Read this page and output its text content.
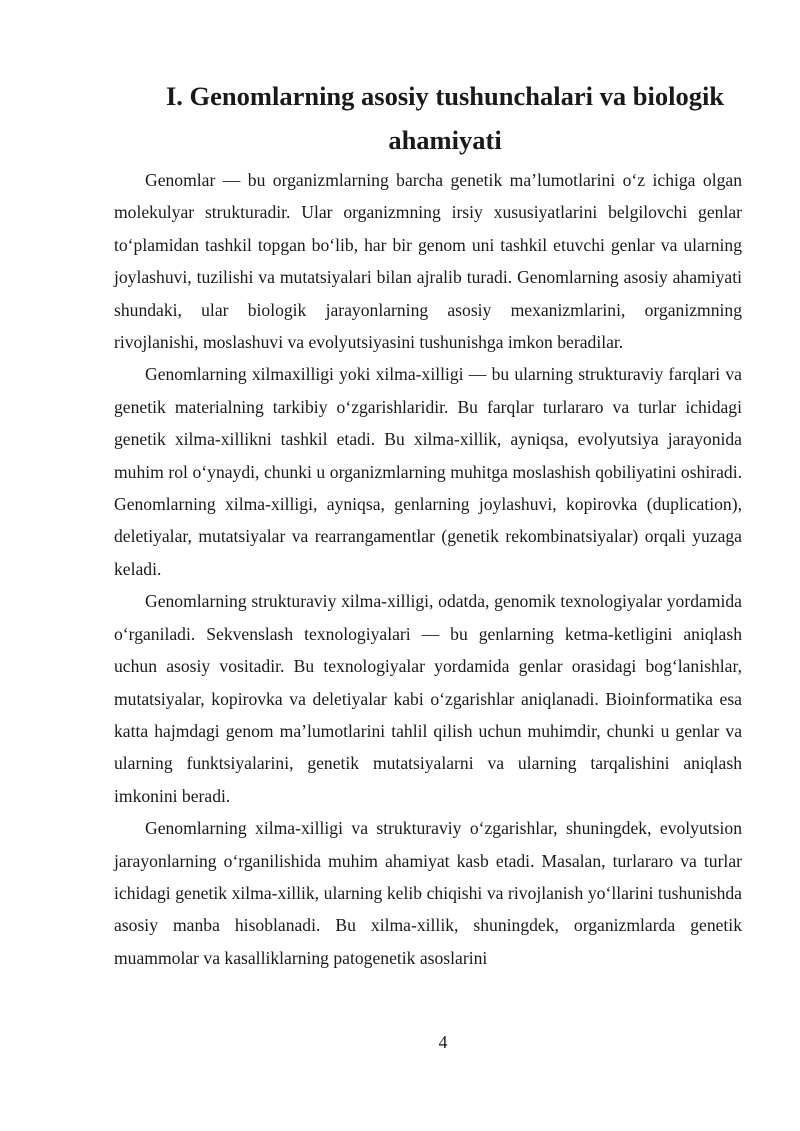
I. Genomlarning asosiy tushunchalari va biologik ahamiyati

Genomlar — bu organizmlarning barcha genetik maʼlumotlarini oʻz ichiga olgan molekulyar strukturadir. Ular organizmning irsiy xususiyatlarini belgilovchi genlar toʻplamidan tashkil topgan boʻlib, har bir genom uni tashkil etuvchi genlar va ularning joylashuvi, tuzilishi va mutatsiyalari bilan ajralib turadi. Genomlarning asosiy ahamiyati shundaki, ular biologik jarayonlarning asosiy mexanizmlarini, organizmning rivojlanishi, moslashuvi va evolyutsiyasini tushunishga imkon beradilar.

Genomlarning xilmaxilligi yoki xilma-xilligi — bu ularning strukturaviy farqlari va genetik materialning tarkibiy oʻzgarishlaridir. Bu farqlar turlararo va turlar ichidagi genetik xilma-xillikni tashkil etadi. Bu xilma-xillik, ayniqsa, evolyutsiya jarayonida muhim rol oʻynaydi, chunki u organizmlarning muhitga moslashish qobiliyatini oshiradi. Genomlarning xilma-xilligi, ayniqsa, genlarning joylashuvi, kopirovka (duplication), deletiyalar, mutatsiyalar va rearrangamentlar (genetik rekombinatsiyalar) orqali yuzaga keladi.

Genomlarning strukturaviy xilma-xilligi, odatda, genomik texnologiyalar yordamida oʻrganiladi. Sekvenslash texnologiyalari — bu genlarning ketma-ketligini aniqlash uchun asosiy vositadir. Bu texnologiyalar yordamida genlar orasidagi bogʻlanishlar, mutatsiyalar, kopirovka va deletiyalar kabi oʻzgarishlar aniqlanadi. Bioinformatika esa katta hajmdagi genom maʼlumotlarini tahlil qilish uchun muhimdir, chunki u genlar va ularning funktsiyalarini, genetik mutatsiyalarni va ularning tarqalishini aniqlash imkonini beradi.

Genomlarning xilma-xilligi va strukturaviy oʻzgarishlar, shuningdek, evolyutsion jarayonlarning oʻrganilishida muhim ahamiyat kasb etadi. Masalan, turlararo va turlar ichidagi genetik xilma-xillik, ularning kelib chiqishi va rivojlanish yoʻllarini tushunishda asosiy manba hisoblanadi. Bu xilma-xillik, shuningdek, organizmlarda genetik muammolar va kasalliklarning patogenetik asoslarini

4
